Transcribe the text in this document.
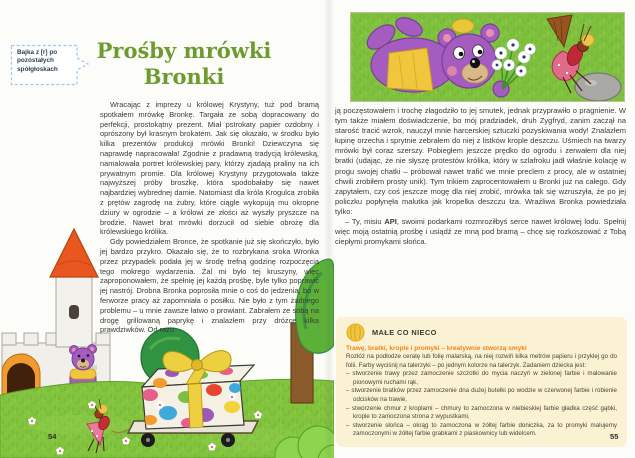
Bajka z [r] po pozostałych spółgłoskach
Prośby mrówki Bronki

Wracając z imprezy u królowej Krystyny, tuż pod bramą spotkałem mrówkę Bronkę. Targała ze sobą dopracowany do perfekcji, prostokątny prezent. Miał pstrokaty papier ozdobny i oprószony był krasnym brokatem. Jak się okazało, w środku było kilka prezentów produkcji mrówki Bronki! Dziewczyna się naprawdę napracowała! Zgodnie z pradawną tradycją królewską, namalowała portret królewskiej pary, którzy zjadają praliny na ich prywatnym promie. Dla królowej Krystyny przygotowała także najwyższej próby broszkę, która spodobałaby się nawet najbardziej wybrednej damie. Natomiast dla króla Krogulca zrobiła z prętów zagrodę na żubry, które ciągle wykopują mu okropne dziury w ogrodzie – a królowi ze złości aż wyszły pryszcze na brodzie. Nawet brat mrówki dorzucił od siebie obrożę dla królewskiego królika.

Gdy powiedziałem Bronce, że spotkanie już się skończyło, było jej bardzo przykro. Okazało się, że to rozbrykana sroka Wronka przez przypadek podała jej w środę trefną godzinę rozpoczęcia tego mokrego wydarzenia. Żal mi było tej kruszyny, więc zaproponowałem, że spełnię jej każdą prośbę, byle tylko poprawić jej nastrój. Drobna Bronka poprosiła mnie o coś do jedzenia, bo w ferworze pracy aż zapomniała o posiłku. Nie było z tym żadnego problemu – u mnie zawsze łatwo o prowiant. Zabrałem ze sobą na drogę grillowaną paprykę i znalazłem przy dróżce kilka prawdziwków. Od razu

54

ją poczęstowałem i trochę złagodziło to jej smutek, jednak przyprawiło o pragnienie. W tym także miałem doświadczenie, bo mój pradziadek, druh Zygfryd, zanim zaczął na starość tracić wzrok, nauczył mnie harcerskiej sztuczki pozyskiwania wody! Znalazłem łupinę orzecha i sprytnie zebrałem do niej z listków krople deszczu. Uśmiech na twarzy mrówki był coraz szerszy. Pobiegłem jeszcze prędko do ogrodu i zerwałem dla niej bratki (udając, że nie słyszę protestów królika, który w szlafroku jadł właśnie kolację w progu swojej chatki – próbował nawet trafić we mnie preclem z procy, ale w ostatniej chwili zrobiłem prosty unik). Tym trikiem zaprocentowałem u Bronki już na całego. Gdy zapytałem, czy coś jeszcze mogę dla niej zrobić, mrówka tak się wzruszyła, że po jej policzku popłynęła malutka jak kropelka deszczu łza. Wrażliwa Bronka powiedziała tylko:

– Ty, misiu API, swoimi podarkami rozmroziłbyś serce nawet królowej lodu. Spełnij więc moją ostatnią prośbę i usiądź ze mną pod bramą – chcę się rozkoszować z Tobą ciepłymi promykami słońca.

MAŁE CO NIECO
Trawę, bratki, krople i promyki – kreatywnie stworzą smyki
Rozłóż na podłodze ceratę lub folię malarską, na niej rozwiń kilka metrów papieru i przyklej go do folii. Farby wyciśnij na talerzyki – po jednym kolorze na talerzyk. Zadaniem dziecka jest:
– stworzenie trawy przez zamoczenie szczotki do mycia naczyń w zielonej farbie i malowanie pionowymi ruchami rąk,
– stworzenie bratków przez zamoczenie dna dużej butelki po wodzie w czerwonej farbie i robienie odcisków na trawie,
– stworzenie chmur z kroplami – chmury to zamoczona w niebieskiej farbie gładka część gąbki, krople to zamoczona strona z wypustkami,
– stworzenie słońca – okrąg to zamoczona w żółtej farbie doniczka, za to promyki malujemy zamoczonymi w żółtej farbie grabkami z piaskownicy lub widelcem.	55
